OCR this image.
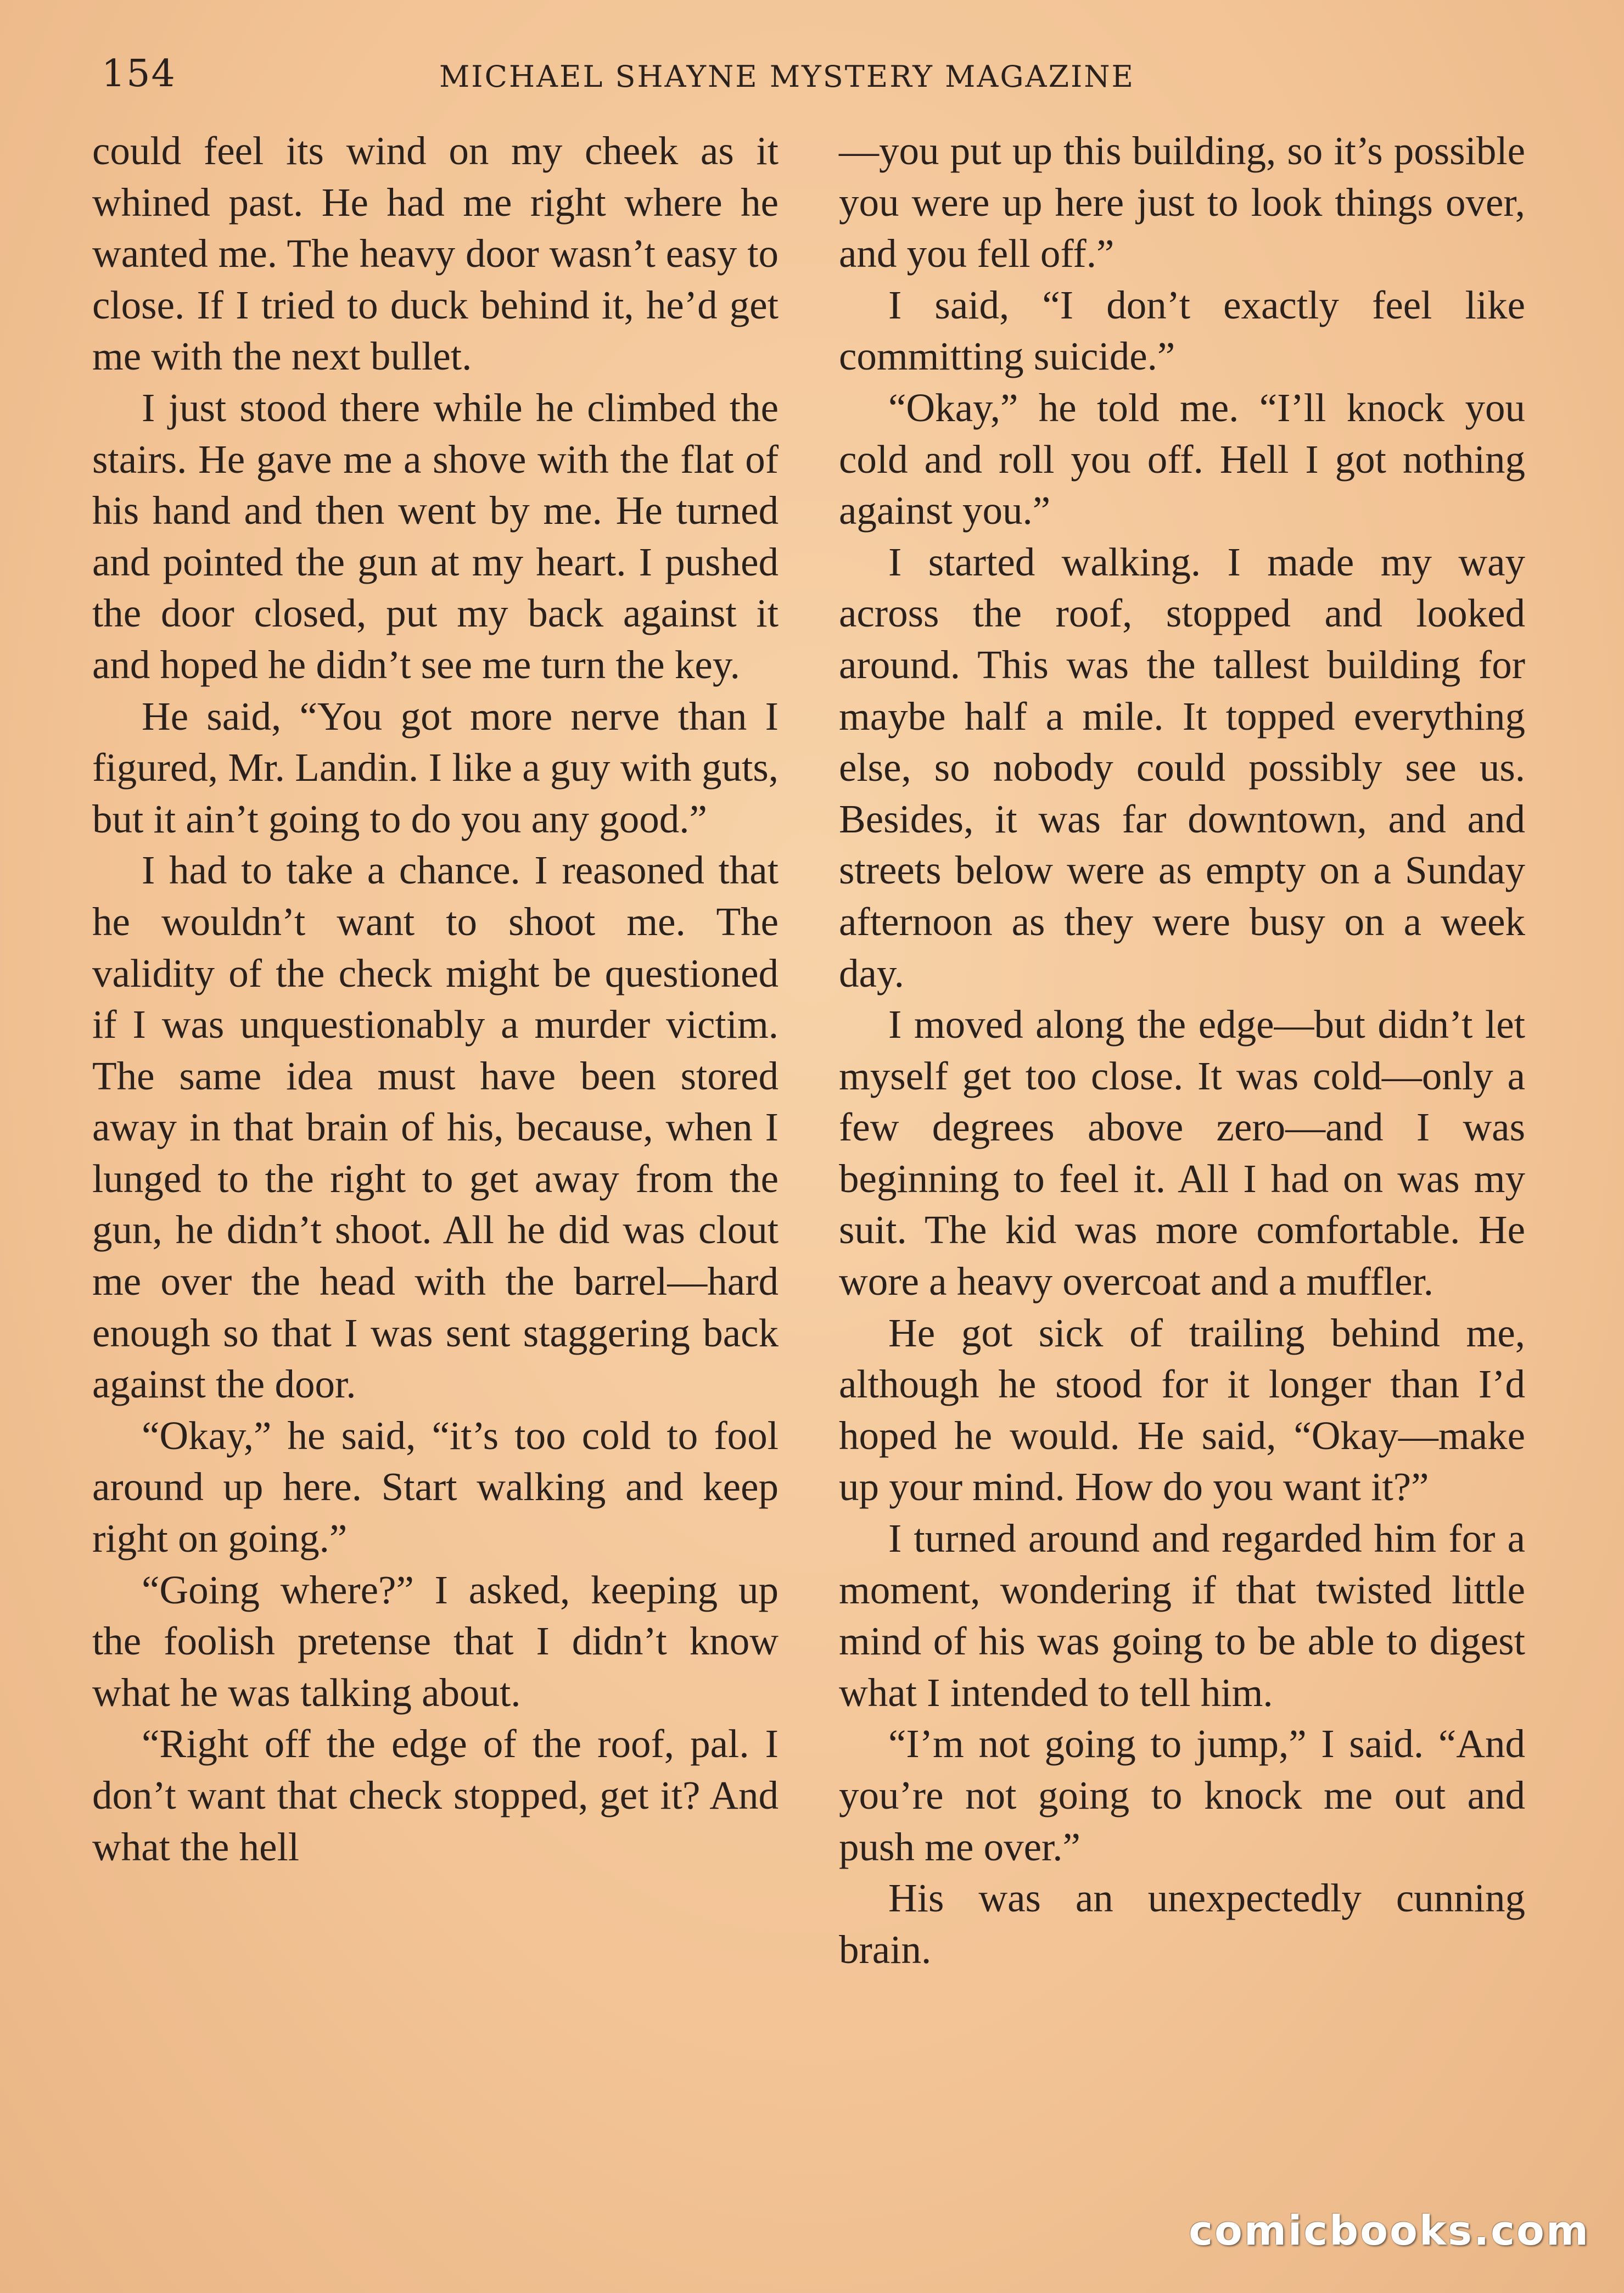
154	MICHAEL SHAYNE MYSTERY MAGAZINE

could feel its wind on my cheek as it whined past. He had me right where he wanted me. The heavy door wasn’t easy to close. If I tried to duck behind it, he’d get me with the next bullet.

I just stood there while he climbed the stairs. He gave me a shove with the flat of his hand and then went by me. He turned and pointed the gun at my heart. I pushed the door closed, put my back against it and hoped he didn’t see me turn the key.

He said, “You got more nerve than I figured, Mr. Landin. I like a guy with guts, but it ain’t going to do you any good.”

I had to take a chance. I reasoned that he wouldn’t want to shoot me. The validity of the check might be questioned if I was unquestionably a murder victim. The same idea must have been stored away in that brain of his, because, when I lunged to the right to get away from the gun, he didn’t shoot. All he did was clout me over the head with the barrel—hard enough so that I was sent staggering back against the door.

“Okay,” he said, “it’s too cold to fool around up here. Start walking and keep right on going.”

“Going where?” I asked, keeping up the foolish pretense that I didn’t know what he was talking about.

“Right off the edge of the roof, pal. I don’t want that check stopped, get it? And what the hell

—you put up this building, so it’s possible you were up here just to look things over, and you fell off.”

I said, “I don’t exactly feel like committing suicide.”

“Okay,” he told me. “I’ll knock you cold and roll you off. Hell I got nothing against you.”

I started walking. I made my way across the roof, stopped and looked around. This was the tallest building for maybe half a mile. It topped everything else, so nobody could possibly see us. Besides, it was far downtown, and and streets below were as empty on a Sunday afternoon as they were busy on a week day.

I moved along the edge—but didn’t let myself get too close. It was cold—only a few degrees above zero—and I was beginning to feel it. All I had on was my suit. The kid was more comfortable. He wore a heavy overcoat and a muffler.

He got sick of trailing behind me, although he stood for it longer than I’d hoped he would. He said, “Okay—make up your mind. How do you want it?”

I turned around and regarded him for a moment, wondering if that twisted little mind of his was going to be able to digest what I intended to tell him.

“I’m not going to jump,” I said. “And you’re not going to knock me out and push me over.”

His was an unexpectedly cunning brain.

comicbooks.com
